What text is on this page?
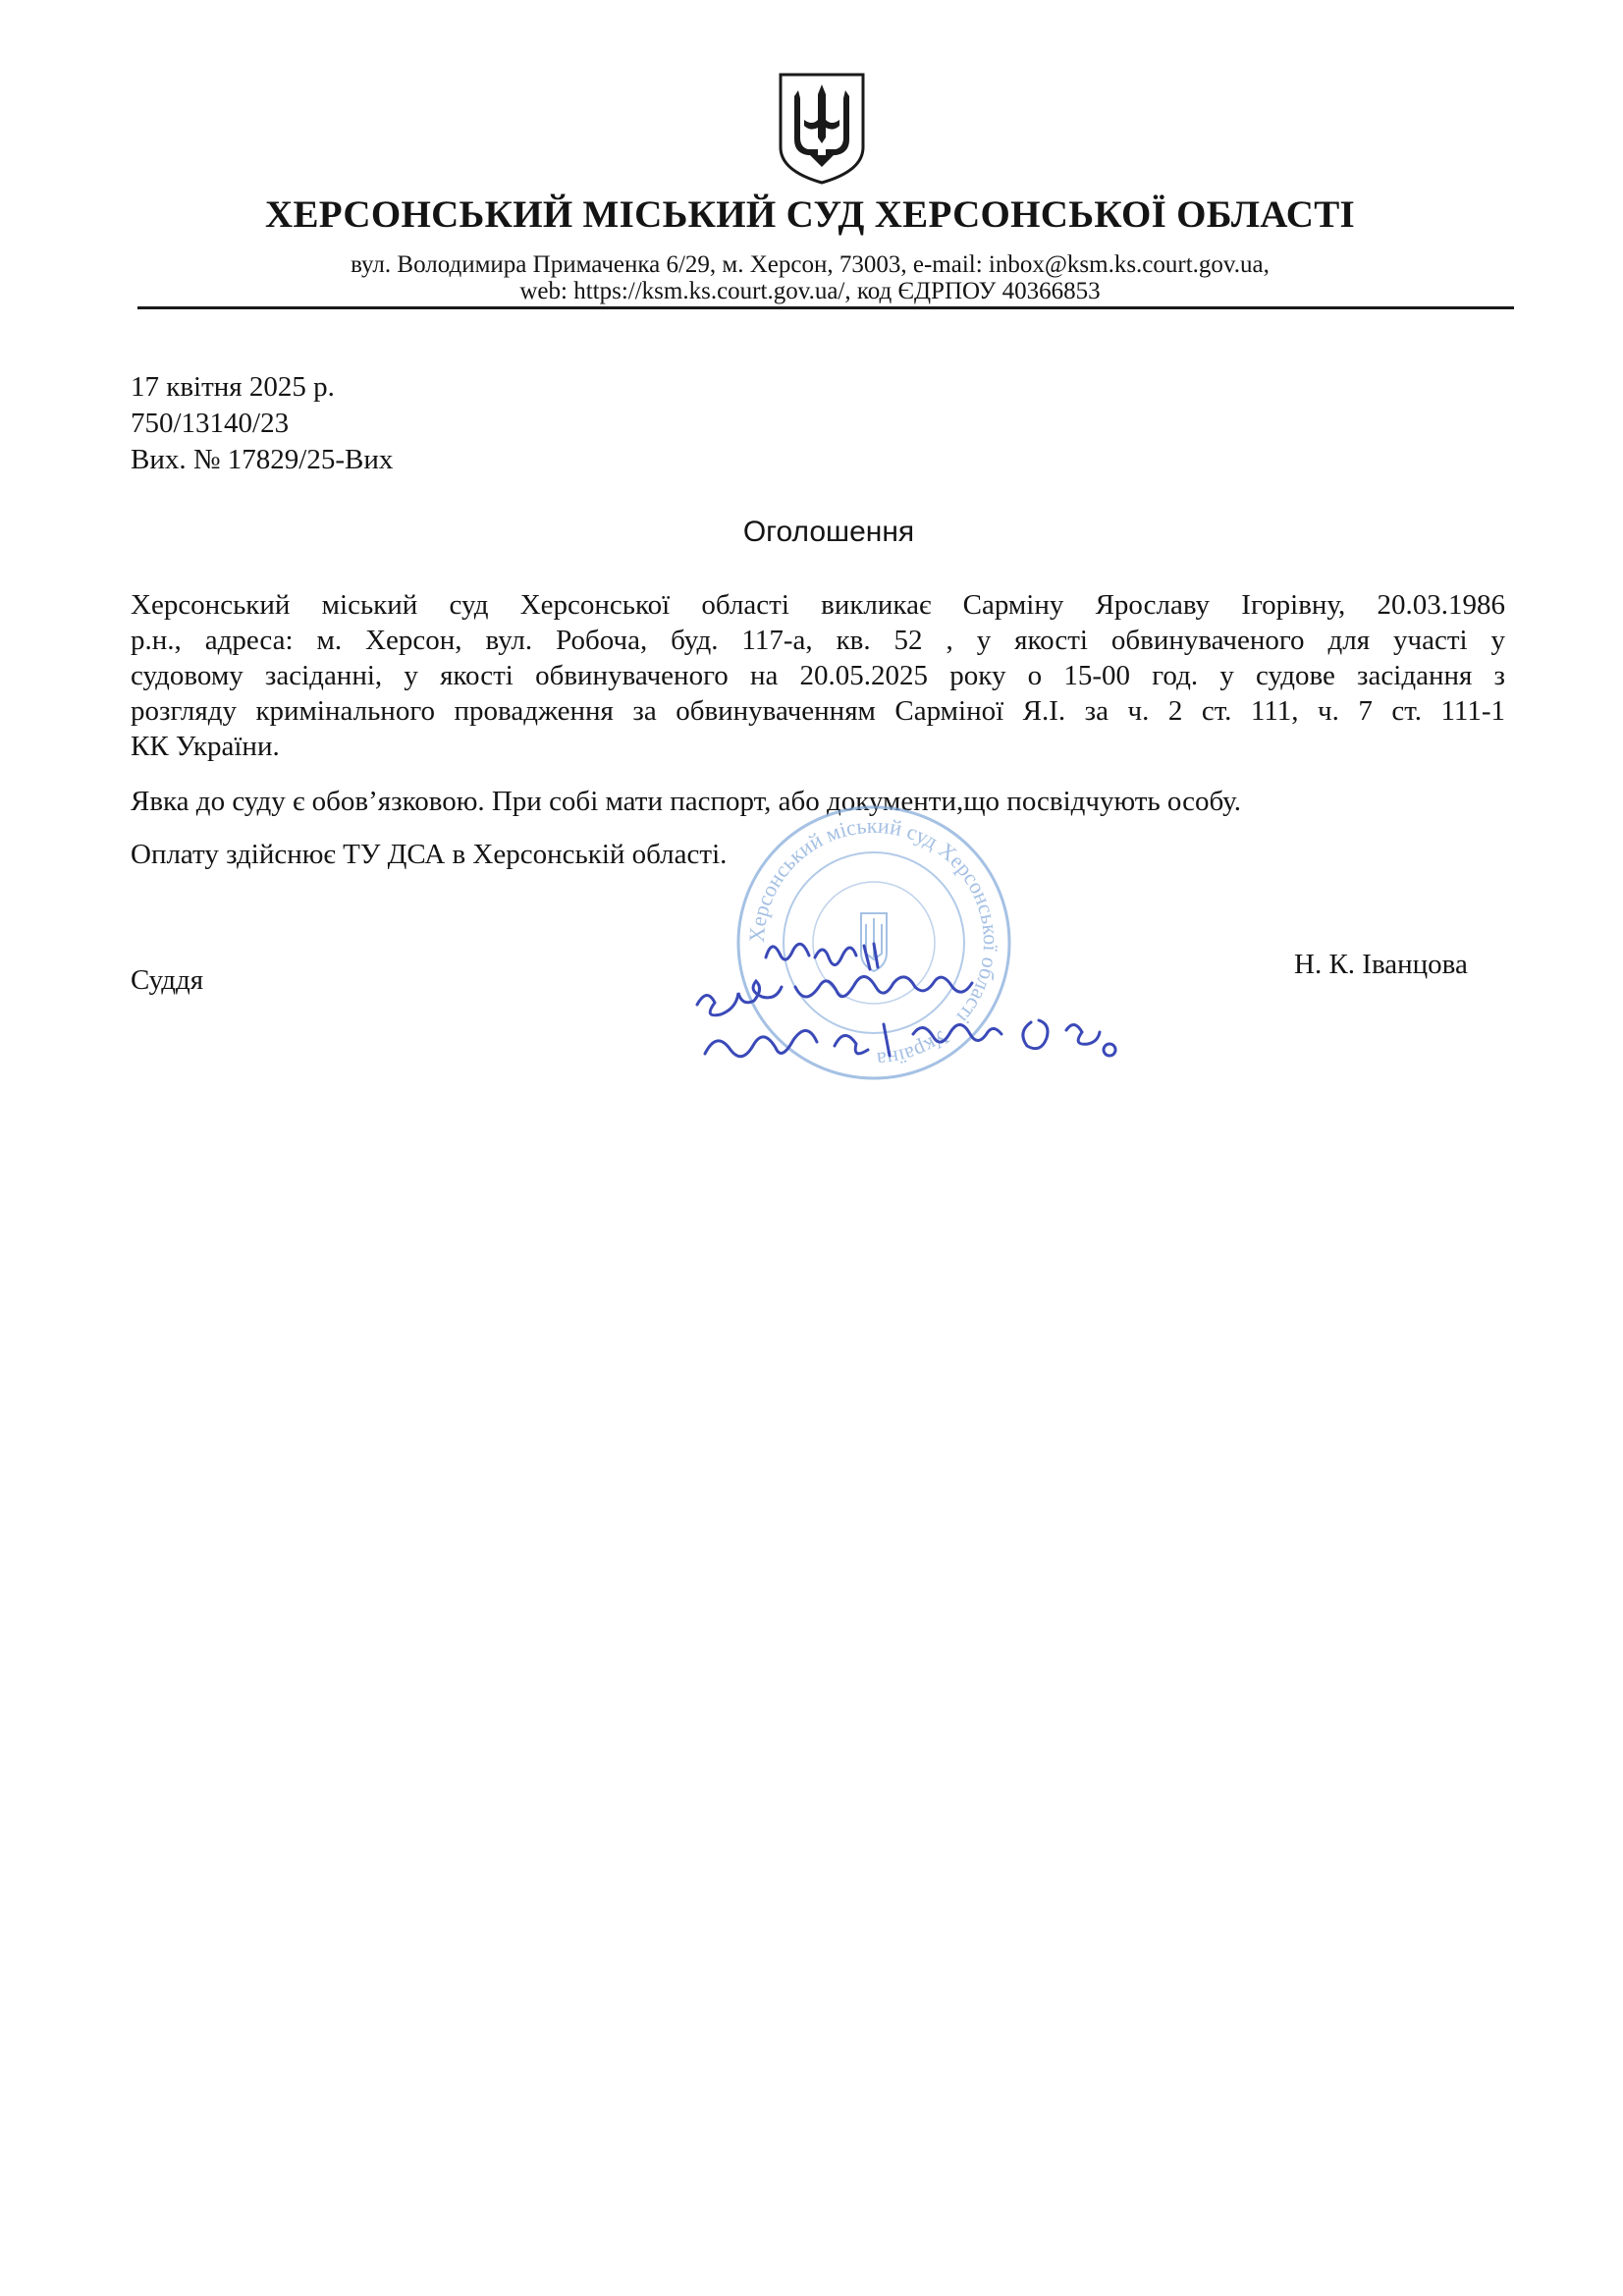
ХЕРСОНСЬКИЙ МІСЬКИЙ СУД ХЕРСОНСЬКОЇ ОБЛАСТІ
вул. Володимира Примаченка 6/29, м. Херсон, 73003, e-mail: inbox@ksm.ks.court.gov.ua,
web: https://ksm.ks.court.gov.ua/, код ЄДРПОУ 40366853
17 квітня 2025 р.
750/13140/23
Вих. № 17829/25-Вих
Оголошення
Херсонський міський суд Херсонської області викликає Сарміну Ярославу Ігорівну, 20.03.1986
р.н., адреса: м. Херсон, вул. Робоча, буд. 117-а, кв. 52 , у якості обвинуваченого для участі у
судовому засіданні, у якості обвинуваченого на 20.05.2025 року о 15-00 год. у судове засідання з
розгляду кримінального провадження за обвинуваченням Сарміної Я.І. за ч. 2 ст. 111, ч. 7 ст. 111-1
КК України.
Явка до суду є обов’язковою. При собі мати паспорт, або документи,що посвідчують особу.
Оплату здійснює ТУ ДСА в Херсонській області.
Херсонський міський суд Херсонської області · Україна
Суддя	Н. К. Іванцова
